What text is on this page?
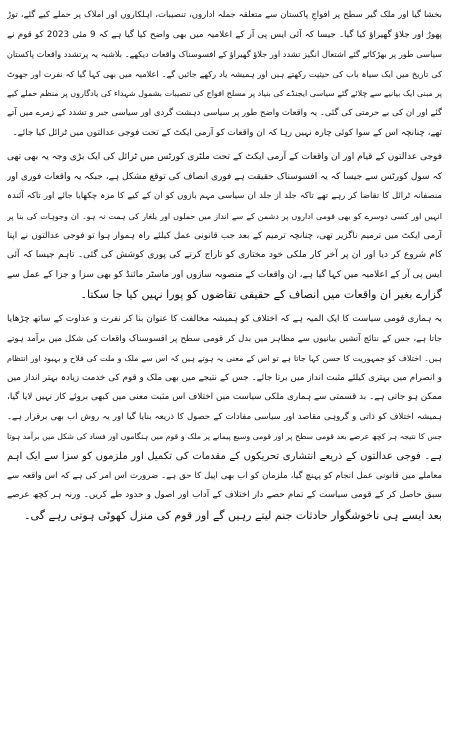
بخشا گیا اور ملک گیر سطح پر افواجِ پاکستان سے متعلقہ جملہ اداروں، تنصیبات، اہلکاروں اور املاک پر حملے کیے گئے، توڑ
پھوڑ اور جلاؤ گھیراؤ کیا گیا۔ جیسا کہ آئی ایس پی آر کے اعلامیہ میں بھی واضح کیا گیا ہے کہ 9 مئی 2023 کو قوم نے
سیاسی طور پر بھڑکائے گئے اشتعال انگیز تشدد اور جلاؤ گھیراؤ کے افسوسناک واقعات دیکھے۔ بلاشبہ یہ پرتشدد واقعات پاکستان
کی تاریخ میں ایک سیاہ باب کی حیثیت رکھتے ہیں اور ہمیشہ یاد رکھے جائیں گے۔ اعلامیہ میں بھی کہا گیا کہ نفرت اور جھوٹ
پر مبنی ایک بیانیے سے چلائے گئے سیاسی ایجنڈے کی بنیاد پر مسلح افواج کی تنصیبات بشمول شہداء کی یادگاروں پر منظم حملے کیے
گئے اور ان کی بے حرمتی کی گئی۔ یہ واقعات واضح طور پر سیاسی دہشت گردی اور سیاسی جبر و تشدد کے زمرے میں آتے
تھے، چنانچہ اس کے سوا کوئی چارہ نہیں رہا کہ ان واقعات کو آرمی ایکٹ کے تحت فوجی عدالتوں میں ٹرائل کیا جائے۔
فوجی عدالتوں کے قیام اور ان واقعات کے آرمی ایکٹ کے تحت ملٹری کورٹس میں ٹرائل کی ایک بڑی وجہ یہ بھی تھی
کہ سول کورٹس سے جیسا کہ یہ افسوسناک حقیقت ہے فوری انصاف کی توقع مشکل ہے، جبکہ یہ واقعات فوری اور
منصفانہ ٹرائل کا تقاضا کر رہے تھے تاکہ جلد از جلد ان سیاسی مہم بازوں کو ان کے کیے کا مزہ چکھایا جائے اور تاکہ آئندہ
انہیں اور کسی دوسرے کو بھی قومی اداروں پر دشمن کے سے انداز میں حملوں اور یلغار کی ہمت نہ ہو۔ ان وجوہات کی بنا پر
آرمی ایکٹ میں ترمیم ناگزیر تھی، چنانچہ ترمیم کے بعد جب قانونی عمل کیلئے راہ ہموار ہوا تو فوجی عدالتوں نے اپنا
کام شروع کر دیا اور ان پر آخر کار ملکی خود مختاری کو تاراج کرنے کی پوری کوشش کی گئی۔ تاہم جیسا کہ آئی
ایس پی آر کے اعلامیہ میں کہا گیا ہے، ان واقعات کے منصوبہ سازوں اور ماسٹر مائنڈ کو بھی سزا و جزا کے عمل سے
گزارے بغیر ان واقعات میں انصاف کے حقیقی تقاضوں کو پورا نہیں کیا جا سکتا۔
یہ ہماری قومی سیاست کا ایک المیہ ہے کہ اختلاف کو ہمیشہ مخالفت کا عنوان بنا کر نفرت و عداوت کے ساتھ چڑھایا
جاتا ہے، جس کے نتائج آتشیں بیانیوں سے مظاہر میں بدل کر قومی سطح پر افسوسناک واقعات کی شکل میں برآمد ہوتے
ہیں۔ اختلاف کو جمہوریت کا حسن کہا جاتا ہے تو اس کے معنی یہ ہوتے ہیں کہ اس سے ملک و ملت کی فلاح و بہبود اور انتظام
و انصرام میں بہتری کیلئے مثبت انداز میں برتا جائے۔ جس کے نتیجے میں بھی ملک و قوم کی خدمت زیادہ بہتر انداز میں
ممکن ہو جاتی ہے۔ بد قسمتی سے ہماری ملکی سیاست میں اختلاف اس مثبت معنی میں کبھی بروئے کار نہیں لایا گیا،
ہمیشہ اختلاف کو ذاتی و گروہی مقاصد اور سیاسی مفادات کے حصول کا ذریعہ بنایا گیا اور یہ روش اب بھی برقرار ہے۔
جس کا نتیجہ ہر کچھ عرصے بعد قومی سطح پر اور قومی وسیع پیمانے پر ملک و قوم میں ہنگاموں اور فساد کی شکل میں برآمد ہوتا
ہے۔ فوجی عدالتوں کے ذریعے انتشاری تحریکوں کے مقدمات کی تکمیل اور ملزموں کو سزا سے ایک اہم
معاملے میں قانونی عمل انجام کو پہنچ گیا، ملزمان کو اب بھی اپیل کا حق ہے۔ ضرورت اس امر کی ہے کہ اس واقعہ سے
سبق حاصل کر کے قومی سیاست کے تمام حصے دار اختلاف کے آداب اور اصول و حدود طے کریں۔ ورنہ ہر کچھ عرصے
بعد ایسے ہی ناخوشگوار حادثات جنم لیتے رہیں گے اور قوم کی منزل کھوٹی ہوتی رہے گی۔
